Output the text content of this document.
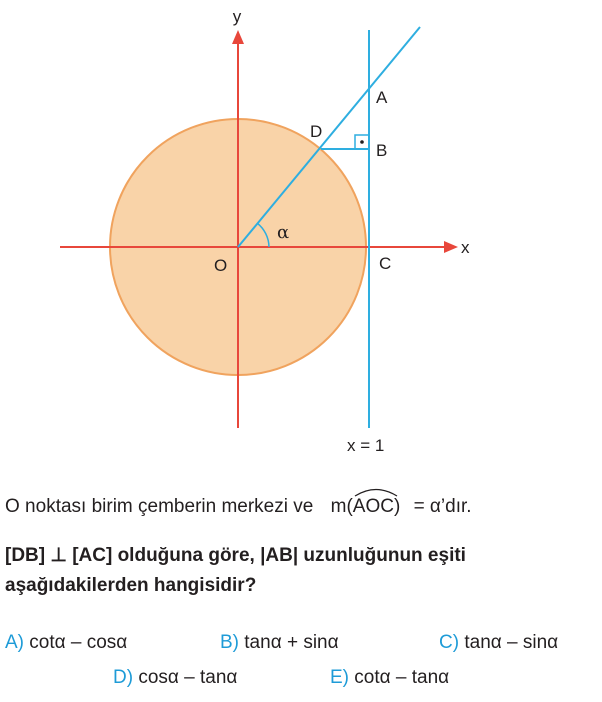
y
x
A
B
C
D
O
α
x = 1
O noktası birim çemberin merkezi ve m(
AOC) = α’dır.
[DB] ⊥ [AC] olduğuna göre, |AB| uzunluğunun eşiti aşağıdakilerden hangisidir?
A) cotα – cosα	B) tanα + sinα	C) tanα – sinα
D) cosα – tanα	E) cotα – tanα
